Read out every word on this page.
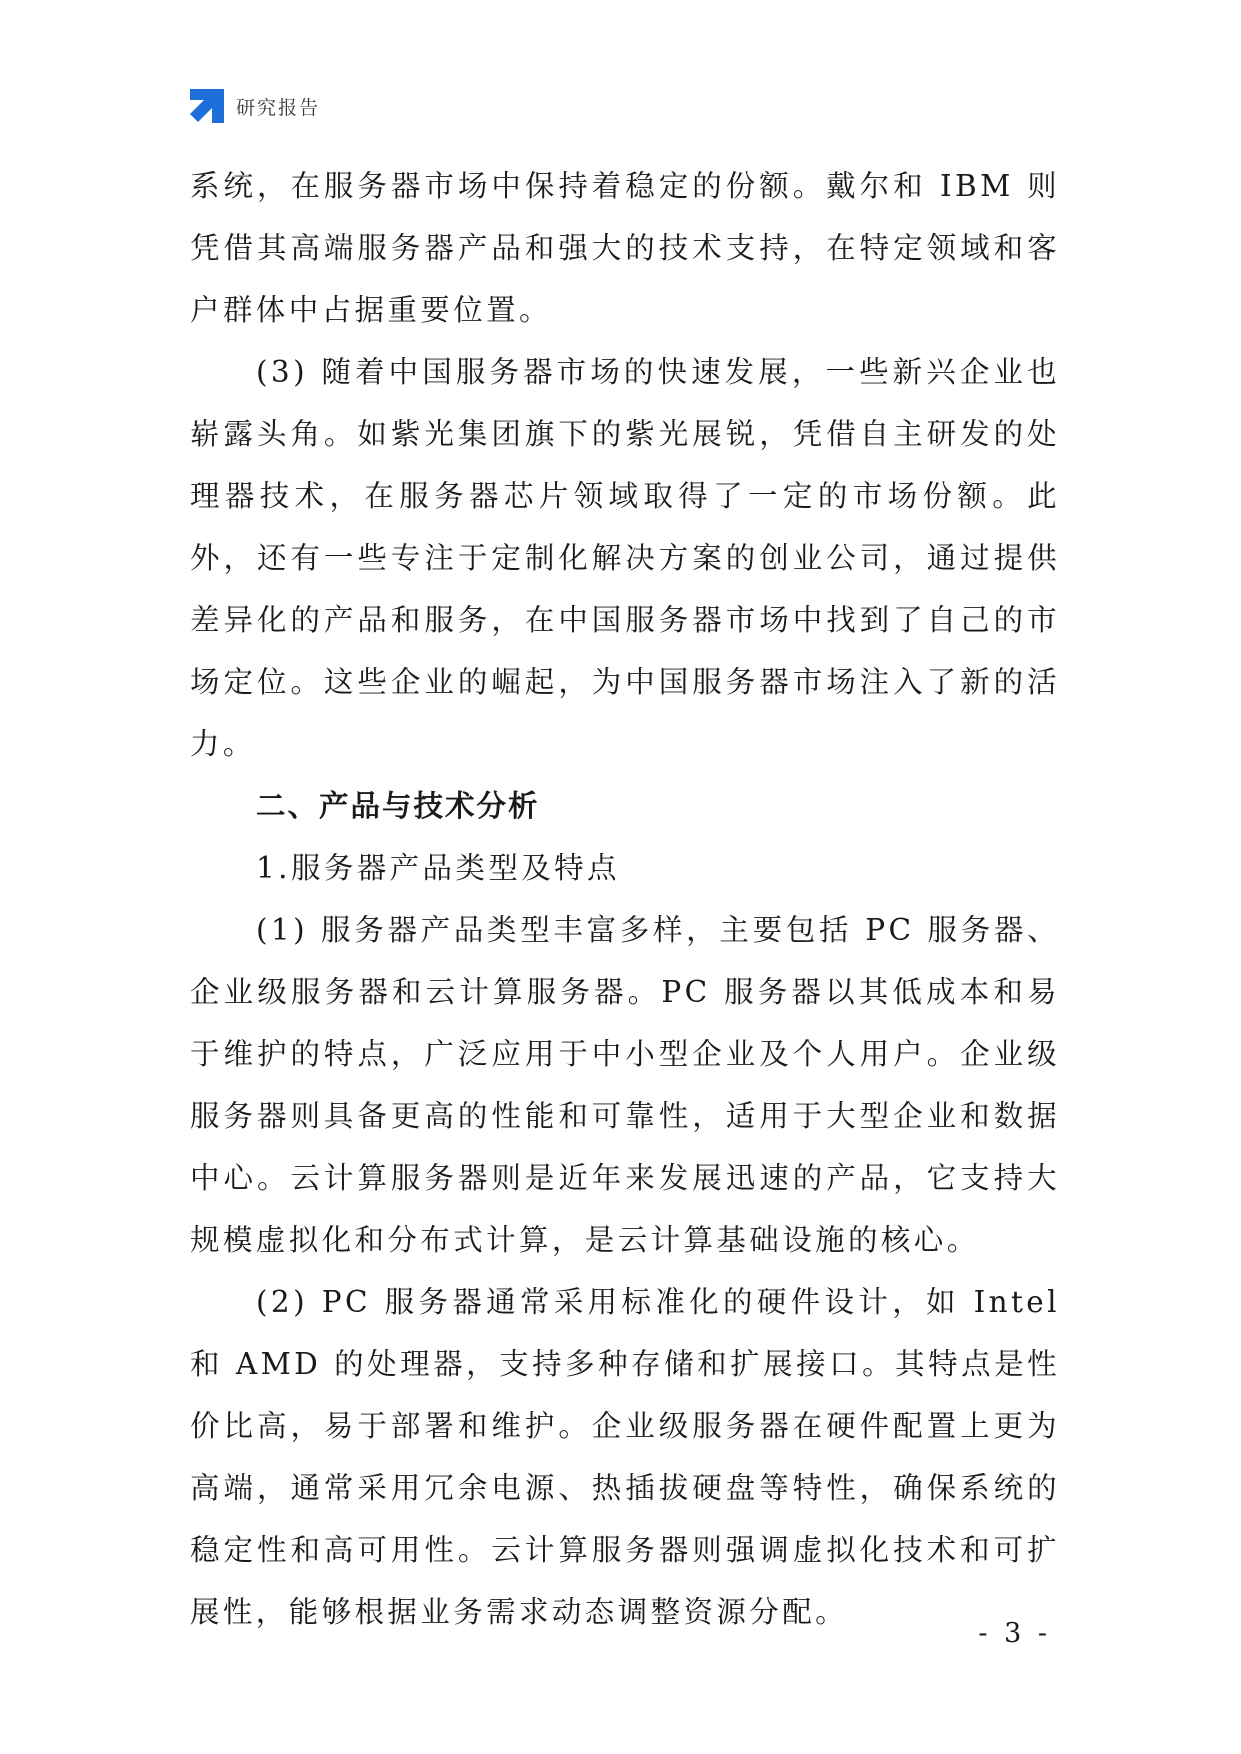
研究报告

系统，在服务器市场中保持着稳定的份额。戴尔和 IBM 则凭借其高端服务器产品和强大的技术支持，在特定领域和客户群体中占据重要位置。

(3) 随着中国服务器市场的快速发展，一些新兴企业也崭露头角。如紫光集团旗下的紫光展锐，凭借自主研发的处理器技术，在服务器芯片领域取得了一定的市场份额。此外，还有一些专注于定制化解决方案的创业公司，通过提供差异化的产品和服务，在中国服务器市场中找到了自己的市场定位。这些企业的崛起，为中国服务器市场注入了新的活力。

二、产品与技术分析

1.服务器产品类型及特点

(1) 服务器产品类型丰富多样，主要包括 PC 服务器、企业级服务器和云计算服务器。PC 服务器以其低成本和易于维护的特点，广泛应用于中小型企业及个人用户。企业级服务器则具备更高的性能和可靠性，适用于大型企业和数据中心。云计算服务器则是近年来发展迅速的产品，它支持大规模虚拟化和分布式计算，是云计算基础设施的核心。

(2) PC 服务器通常采用标准化的硬件设计，如 Intel 和 AMD 的处理器，支持多种存储和扩展接口。其特点是性价比高，易于部署和维护。企业级服务器在硬件配置上更为高端，通常采用冗余电源、热插拔硬盘等特性，确保系统的稳定性和高可用性。云计算服务器则强调虚拟化技术和可扩展性，能够根据业务需求动态调整资源分配。

- 3 -
